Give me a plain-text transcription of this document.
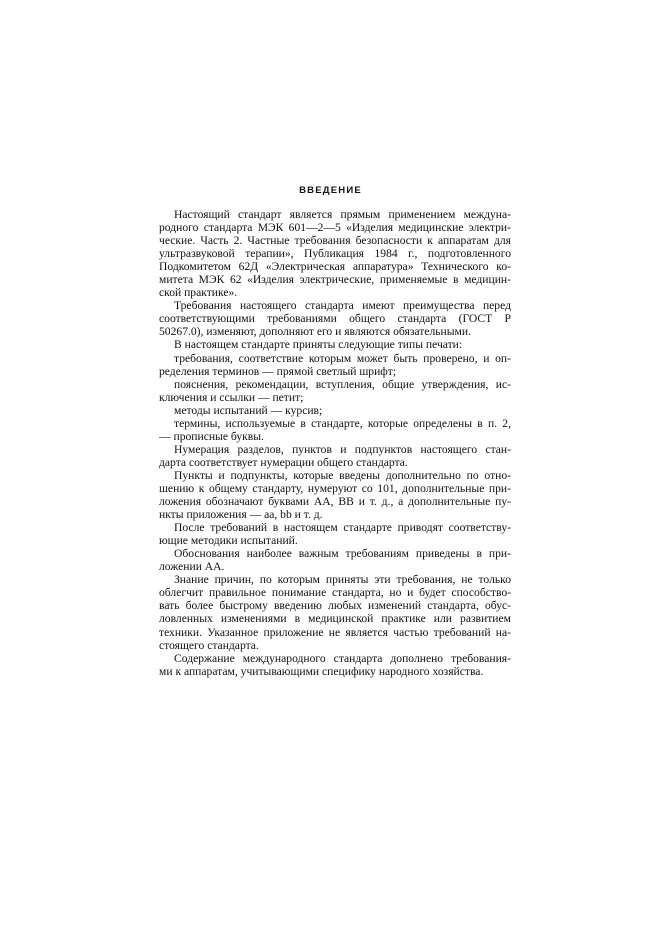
ВВЕДЕНИЕ
Настоящий стандарт является прямым применением междуна-
родного стандарта МЭК 601—2—5 «Изделия медицинские электри-
ческие. Часть 2. Частные требования безопасности к аппаратам для
ультразвуковой терапии», Публикация 1984 г., подготовленного
Подкомитетом 62Д «Электрическая аппаратура» Технического ко-
митета МЭК 62 «Изделия электрические, применяемые в медицин-
ской практике».
Требования настоящего стандарта имеют преимущества перед
соответствующими требованиями общего стандарта (ГОСТ Р
50267.0), изменяют, дополняют его и являются обязательными.
В настоящем стандарте приняты следующие типы печати:
требования, соответствие которым может быть проверено, и оп-
ределения терминов — прямой светлый шрифт;
пояснения, рекомендации, вступления, общие утверждения, ис-
ключения и ссылки — петит;
методы испытаний — курсив;
термины, используемые в стандарте, которые определены в п. 2,
— прописные буквы.
Нумерация разделов, пунктов и подпунктов настоящего стан-
дарта соответствует нумерации общего стандарта.
Пункты и подпункты, которые введены дополнительно по отно-
шению к общему стандарту, нумеруют со 101, дополнительные при-
ложения обозначают буквами АА, ВВ и т. д., а дополнительные пу-
нкты приложения — аа, bb и т. д.
После требований в настоящем стандарте приводят соответству-
ющие методики испытаний.
Обоснования наиболее важным требованиям приведены в при-
ложении АА.
Знание причин, по которым приняты эти требования, не только
облегчит правильное понимание стандарта, но и будет способство-
вать более быстрому введению любых изменений стандарта, обус-
ловленных изменениями в медицинской практике или развитием
техники. Указанное приложение не является частью требований на-
стоящего стандарта.
Содержание международного стандарта дополнено требования-
ми к аппаратам, учитывающими специфику народного хозяйства.
